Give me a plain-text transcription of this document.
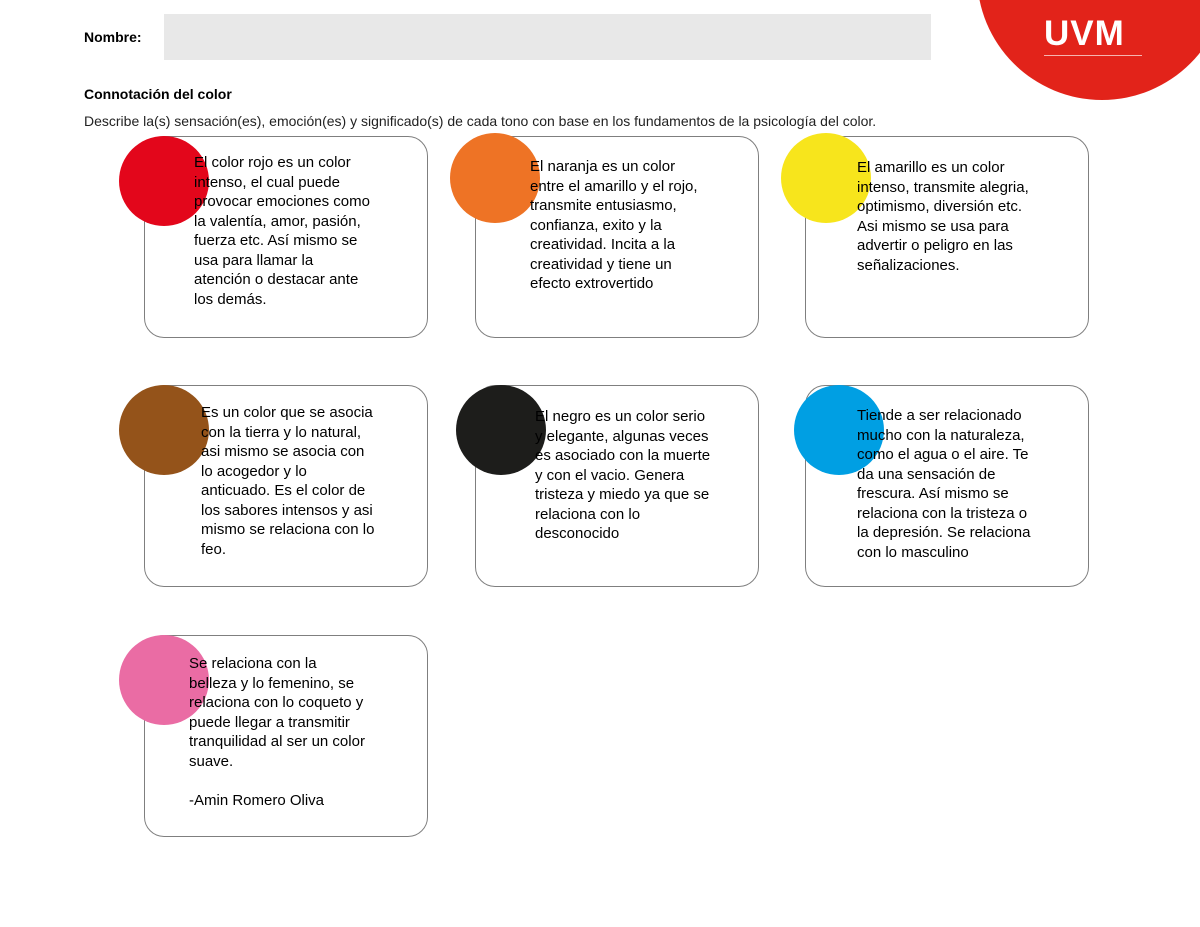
Nombre:	UVM
Connotación del color
Describe la(s) sensación(es), emoción(es) y significado(s) de cada tono con base en los fundamentos de la psicología del color.
El color rojo es un color
intenso, el cual puede
provocar emociones como
la valentía, amor, pasión,
fuerza etc. Así mismo se
usa para llamar la
atención o destacar ante
los demás.
El naranja es un color
entre el amarillo y el rojo,
transmite entusiasmo,
confianza, exito y la
creatividad. Incita a la
creatividad y tiene un
efecto extrovertido
El amarillo es un color
intenso, transmite alegria,
optimismo, diversión etc.
Asi mismo se usa para
advertir o peligro en las
señalizaciones.
Es un color que se asocia
con la tierra y lo natural,
asi mismo se asocia con
lo acogedor y lo
anticuado. Es el color de
los sabores intensos y asi
mismo se relaciona con lo
feo.
El negro es un color serio
y elegante, algunas veces
es asociado con la muerte
y con el vacio. Genera
tristeza y miedo ya que se
relaciona con lo
desconocido
Tiende a ser relacionado
mucho con la naturaleza,
como el agua o el aire. Te
da una sensación de
frescura. Así mismo se
relaciona con la tristeza o
la depresión. Se relaciona
con lo masculino
Se relaciona con la
belleza y lo femenino, se
relaciona con lo coqueto y
puede llegar a transmitir
tranquilidad al ser un color
suave.

-Amin Romero Oliva
